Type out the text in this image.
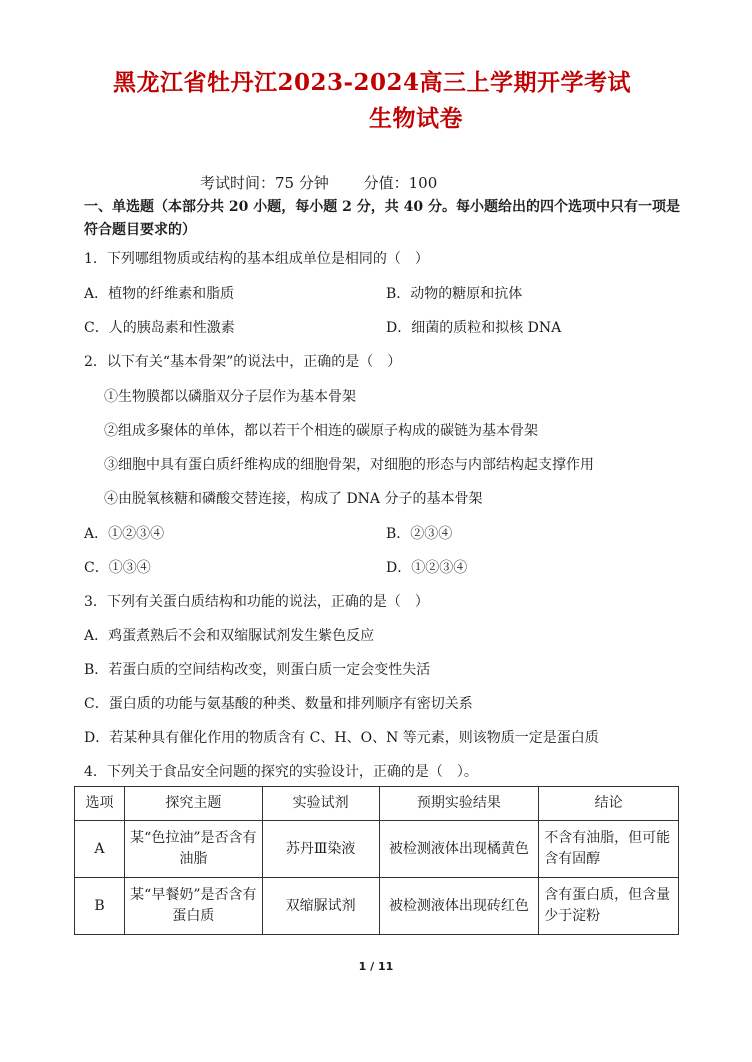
黑龙江省牡丹江2023-2024高三上学期开学考试
生物试卷
考试时间：75 分钟 分值：100
一、单选题（本部分共 20 小题，每小题 2 分，共 40 分。每小题给出的四个选项中只有一项是符合题目要求的）
1．下列哪组物质或结构的基本组成单位是相同的（　）
A．植物的纤维素和脂质	B．动物的糖原和抗体
C．人的胰岛素和性激素	D．细菌的质粒和拟核 DNA
2．以下有关“基本骨架”的说法中，正确的是（　）
①生物膜都以磷脂双分子层作为基本骨架
②组成多聚体的单体，都以若干个相连的碳原子构成的碳链为基本骨架
③细胞中具有蛋白质纤维构成的细胞骨架，对细胞的形态与内部结构起支撑作用
④由脱氧核糖和磷酸交替连接，构成了 DNA 分子的基本骨架
A．①②③④	B．②③④
C．①③④	D．①②③④
3．下列有关蛋白质结构和功能的说法，正确的是（　）
A．鸡蛋煮熟后不会和双缩脲试剂发生紫色反应
B．若蛋白质的空间结构改变，则蛋白质一定会变性失活
C．蛋白质的功能与氨基酸的种类、数量和排列顺序有密切关系
D．若某种具有催化作用的物质含有 C、H、O、N 等元素，则该物质一定是蛋白质
4．下列关于食品安全问题的探究的实验设计，正确的是（　）。
选项	探究主题	实验试剂	预期实验结果	结论
A	某“色拉油”是否含有油脂	苏丹Ⅲ染液	被检测液体出现橘黄色	不含有油脂，但可能含有固醇
B	某“早餐奶”是否含有蛋白质	双缩脲试剂	被检测液体出现砖红色	含有蛋白质，但含量少于淀粉
1 / 11
